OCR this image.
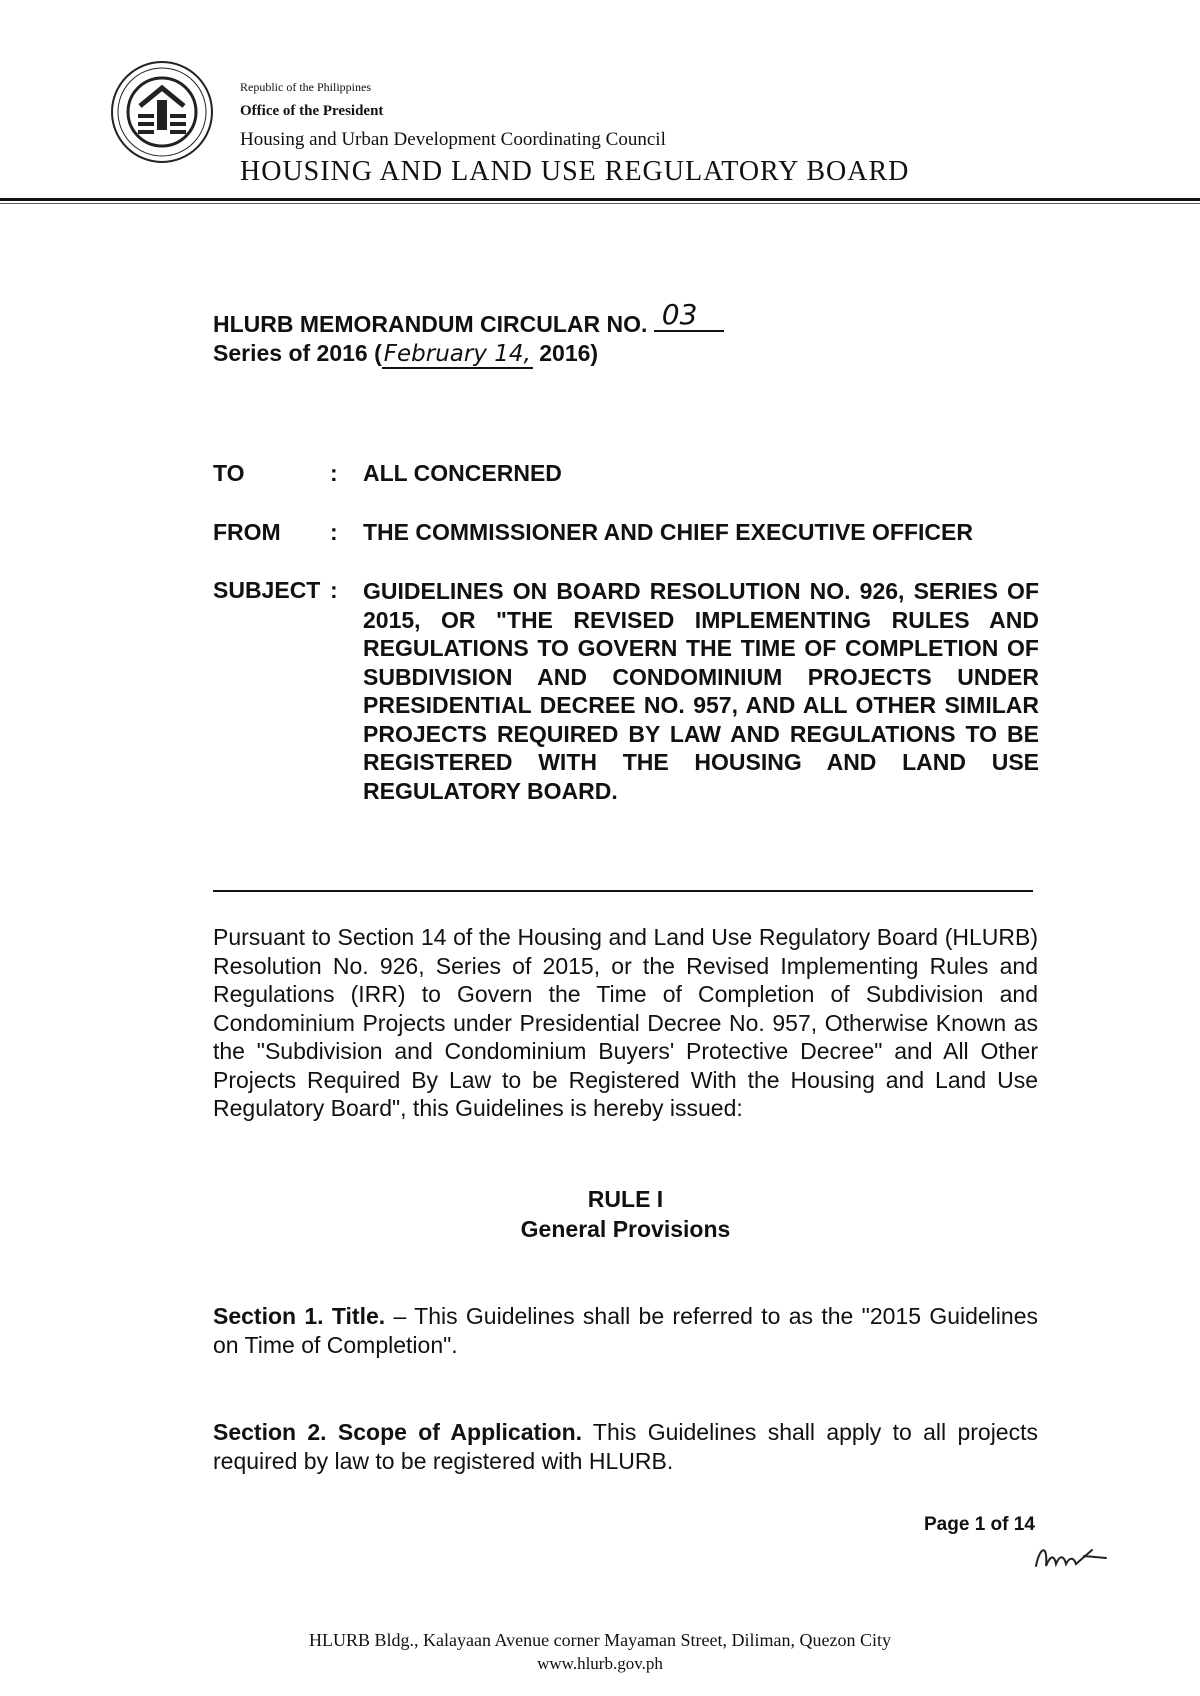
Republic of the Philippines
Office of the President
Housing and Urban Development Coordinating Council
HOUSING AND LAND USE REGULATORY BOARD
HLURB MEMORANDUM CIRCULAR NO. 03
Series of 2016 (February 14, 2016)
TO	: ALL CONCERNED
FROM	: THE COMMISSIONER AND CHIEF EXECUTIVE OFFICER
SUBJECT : GUIDELINES ON BOARD RESOLUTION NO. 926, SERIES OF 2015, OR "THE REVISED IMPLEMENTING RULES AND REGULATIONS TO GOVERN THE TIME OF COMPLETION OF SUBDIVISION AND CONDOMINIUM PROJECTS UNDER PRESIDENTIAL DECREE NO. 957, AND ALL OTHER SIMILAR PROJECTS REQUIRED BY LAW AND REGULATIONS TO BE REGISTERED WITH THE HOUSING AND LAND USE REGULATORY BOARD.
Pursuant to Section 14 of the Housing and Land Use Regulatory Board (HLURB) Resolution No. 926, Series of 2015, or the Revised Implementing Rules and Regulations (IRR) to Govern the Time of Completion of Subdivision and Condominium Projects under Presidential Decree No. 957, Otherwise Known as the "Subdivision and Condominium Buyers' Protective Decree" and All Other Projects Required By Law to be Registered With the Housing and Land Use Regulatory Board", this Guidelines is hereby issued:
RULE I
General Provisions
Section 1. Title. – This Guidelines shall be referred to as the "2015 Guidelines on Time of Completion".
Section 2. Scope of Application. This Guidelines shall apply to all projects required by law to be registered with HLURB.
Page 1 of 14
HLURB Bldg., Kalayaan Avenue corner Mayaman Street, Diliman, Quezon City
www.hlurb.gov.ph
